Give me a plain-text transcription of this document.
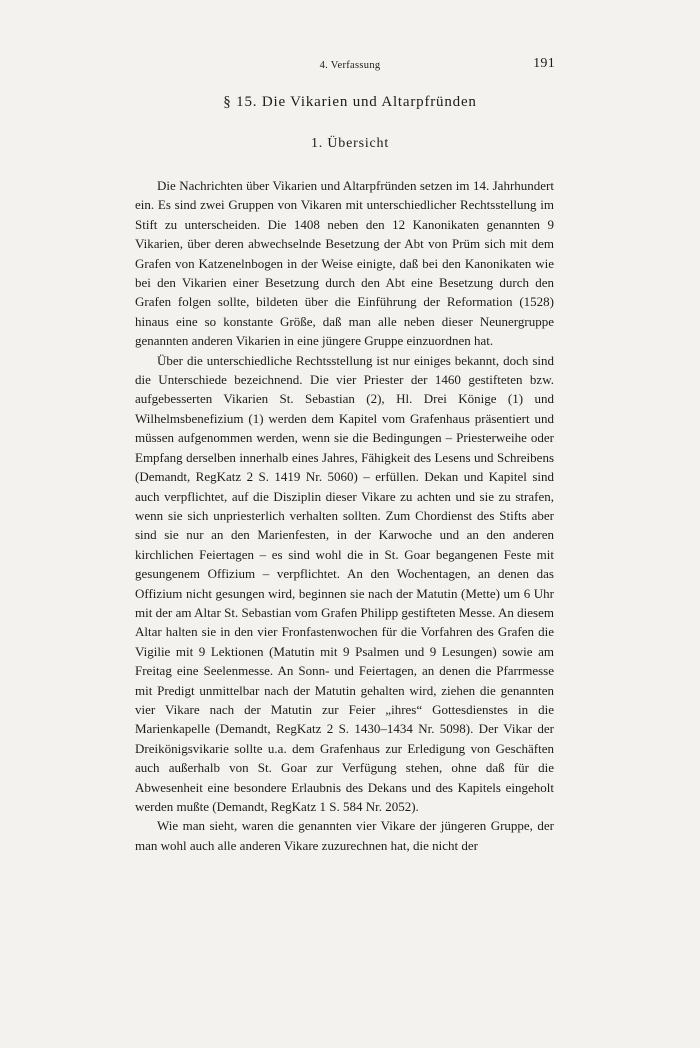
4. Verfassung	191
§ 15. Die Vikarien und Altarpfründen
1. Übersicht

Die Nachrichten über Vikarien und Altarpfründen setzen im 14. Jahrhundert ein. Es sind zwei Gruppen von Vikaren mit unterschiedlicher Rechtsstellung im Stift zu unterscheiden. Die 1408 neben den 12 Kanonikaten genannten 9 Vikarien, über deren abwechselnde Besetzung der Abt von Prüm sich mit dem Grafen von Katzenelnbogen in der Weise einigte, daß bei den Kanonikaten wie bei den Vikarien einer Besetzung durch den Abt eine Besetzung durch den Grafen folgen sollte, bildeten über die Einführung der Reformation (1528) hinaus eine so konstante Größe, daß man alle neben dieser Neunergruppe genannten anderen Vikarien in eine jüngere Gruppe einzuordnen hat.

Über die unterschiedliche Rechtsstellung ist nur einiges bekannt, doch sind die Unterschiede bezeichnend. Die vier Priester der 1460 gestifteten bzw. aufgebesserten Vikarien St. Sebastian (2), Hl. Drei Könige (1) und Wilhelmsbenefizium (1) werden dem Kapitel vom Grafenhaus präsentiert und müssen aufgenommen werden, wenn sie die Bedingungen – Priesterweihe oder Empfang derselben innerhalb eines Jahres, Fähigkeit des Lesens und Schreibens (Demandt, RegKatz 2 S. 1419 Nr. 5060) – erfüllen. Dekan und Kapitel sind auch verpflichtet, auf die Disziplin dieser Vikare zu achten und sie zu strafen, wenn sie sich unpriesterlich verhalten sollten. Zum Chordienst des Stifts aber sind sie nur an den Marienfesten, in der Karwoche und an den anderen kirchlichen Feiertagen – es sind wohl die in St. Goar begangenen Feste mit gesungenem Offizium – verpflichtet. An den Wochentagen, an denen das Offizium nicht gesungen wird, beginnen sie nach der Matutin (Mette) um 6 Uhr mit der am Altar St. Sebastian vom Grafen Philipp gestifteten Messe. An diesem Altar halten sie in den vier Fronfastenwochen für die Vorfahren des Grafen die Vigilie mit 9 Lektionen (Matutin mit 9 Psalmen und 9 Lesungen) sowie am Freitag eine Seelenmesse. An Sonn- und Feiertagen, an denen die Pfarrmesse mit Predigt unmittelbar nach der Matutin gehalten wird, ziehen die genannten vier Vikare nach der Matutin zur Feier „ihres“ Gottesdienstes in die Marienkapelle (Demandt, RegKatz 2 S. 1430–1434 Nr. 5098). Der Vikar der Dreikönigsvikarie sollte u.a. dem Grafenhaus zur Erledigung von Geschäften auch außerhalb von St. Goar zur Verfügung stehen, ohne daß für die Abwesenheit eine besondere Erlaubnis des Dekans und des Kapitels eingeholt werden mußte (Demandt, RegKatz 1 S. 584 Nr. 2052).

Wie man sieht, waren die genannten vier Vikare der jüngeren Gruppe, der man wohl auch alle anderen Vikare zuzurechnen hat, die nicht der
